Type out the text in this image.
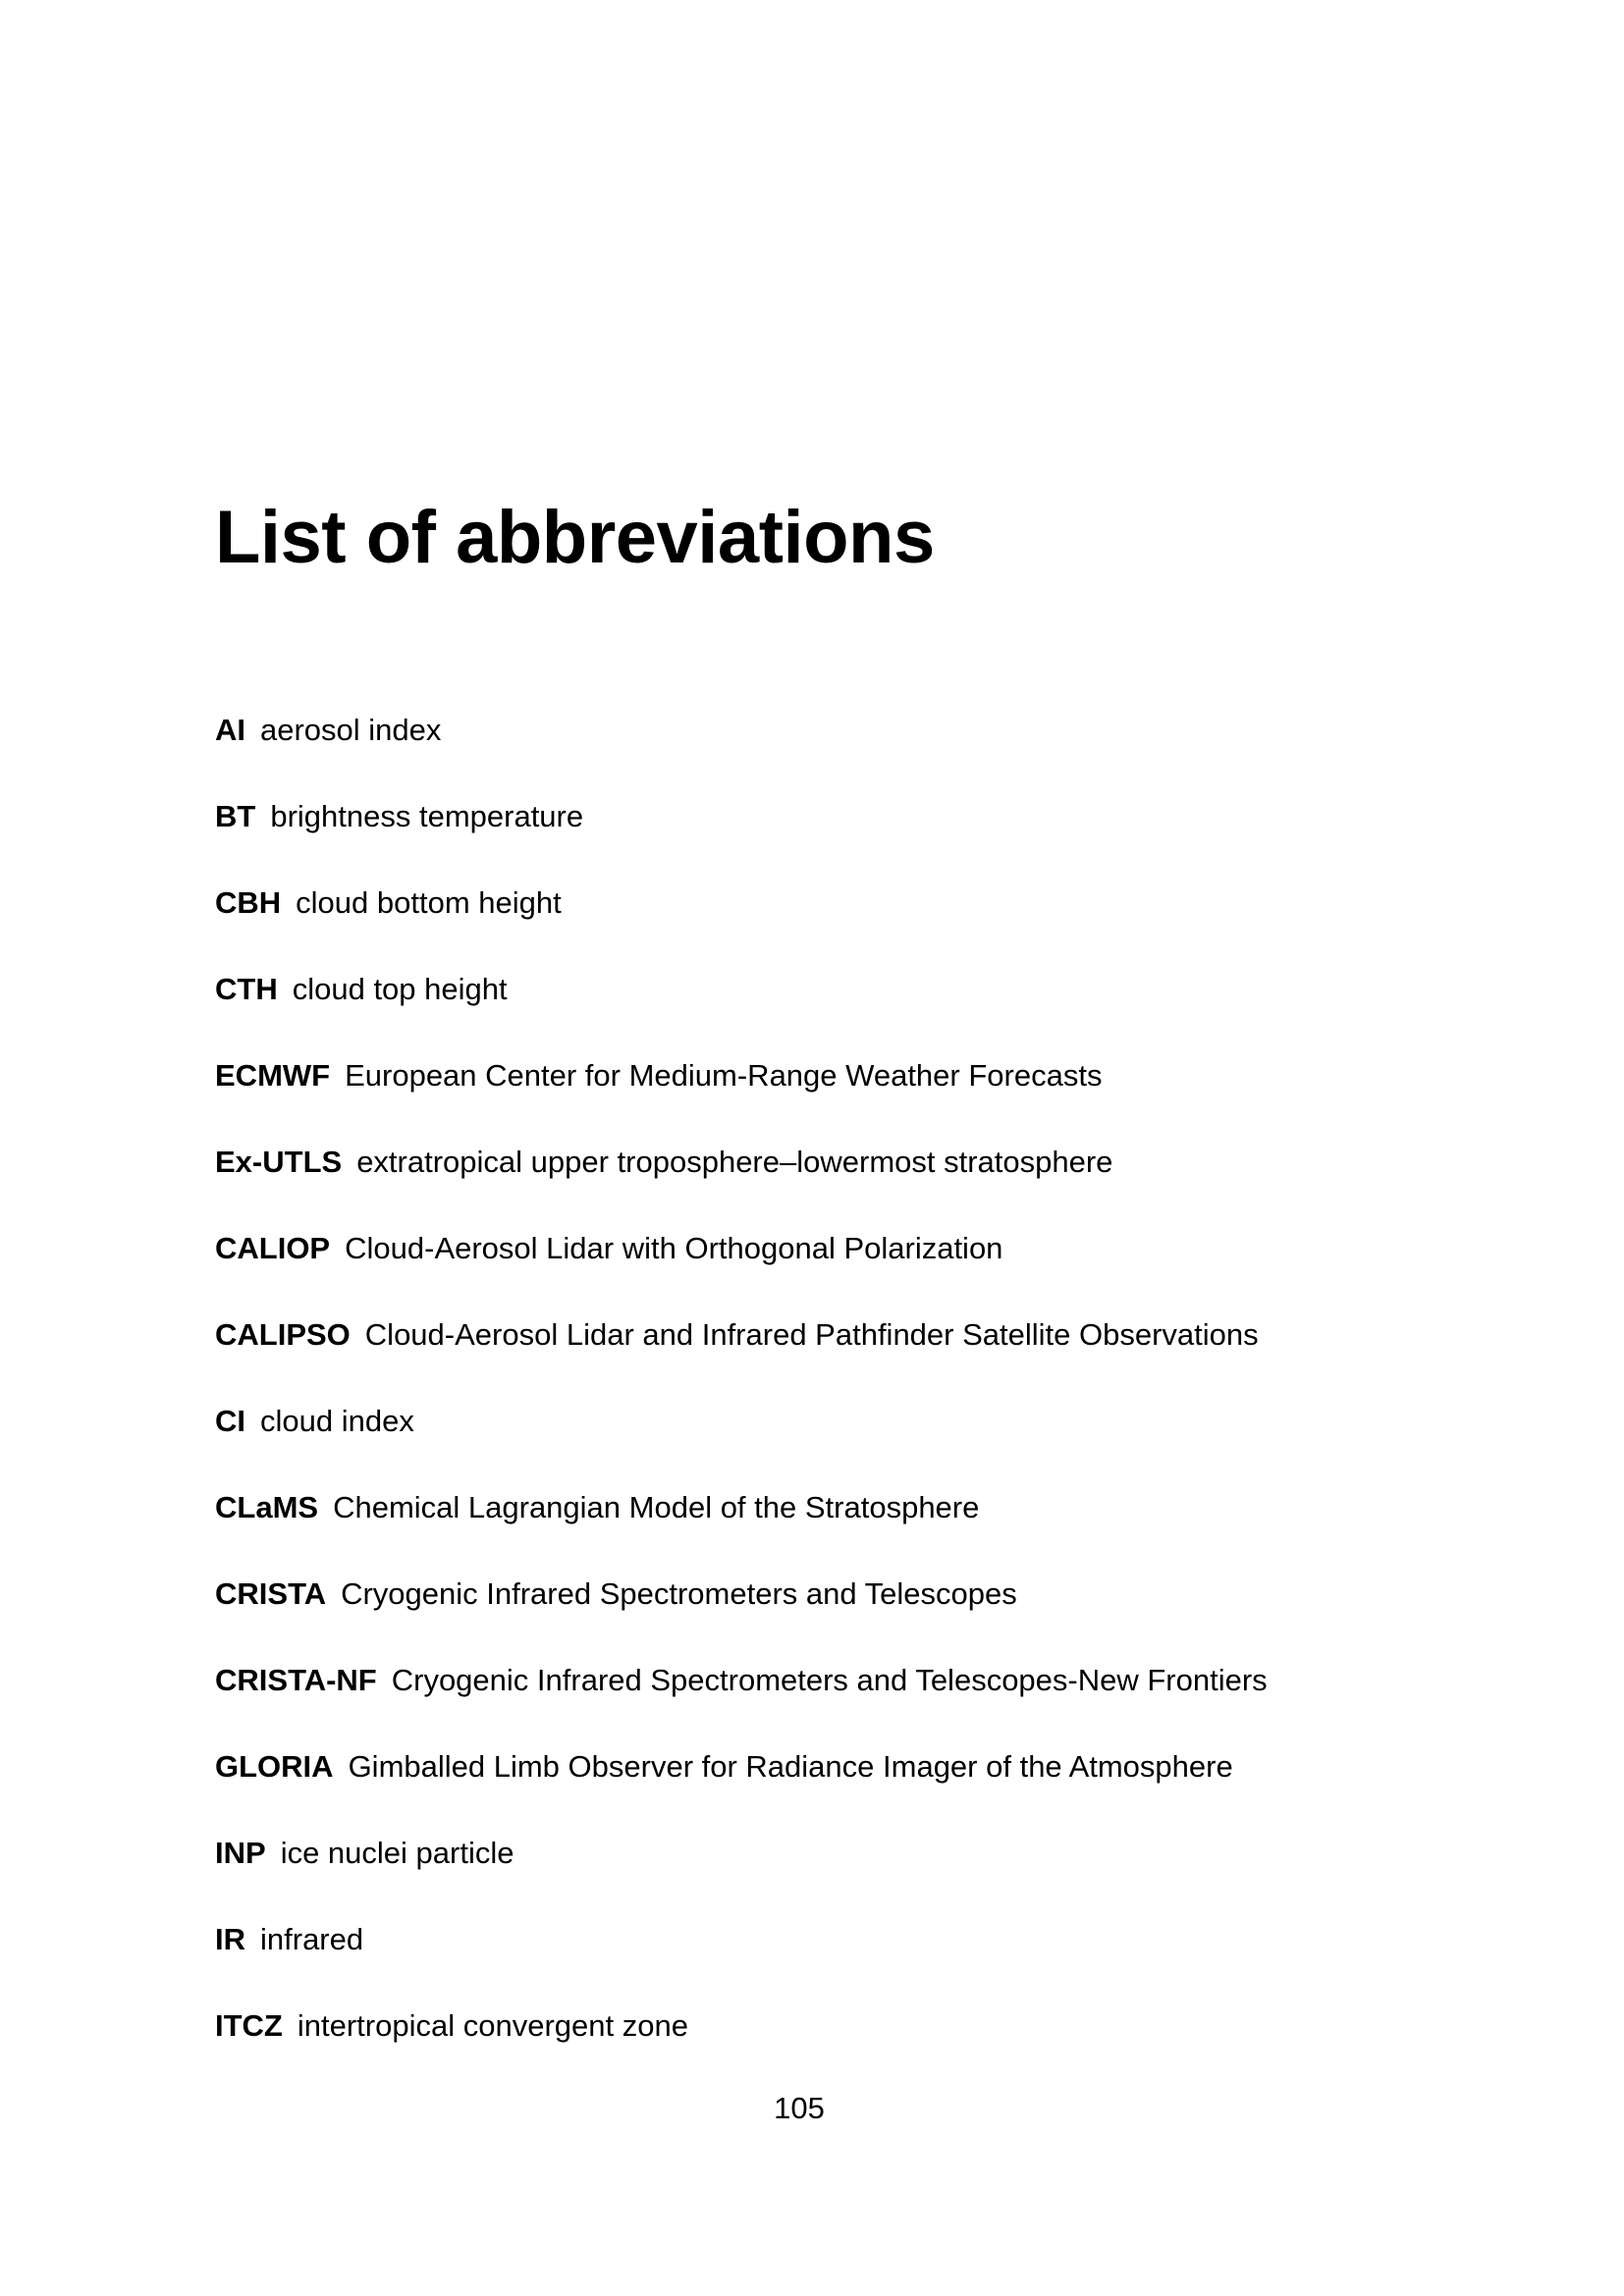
List of abbreviations
AI aerosol index
BT brightness temperature
CBH cloud bottom height
CTH cloud top height
ECMWF European Center for Medium-Range Weather Forecasts
Ex-UTLS extratropical upper troposphere–lowermost stratosphere
CALIOP Cloud-Aerosol Lidar with Orthogonal Polarization
CALIPSO Cloud-Aerosol Lidar and Infrared Pathfinder Satellite Observations
CI cloud index
CLaMS Chemical Lagrangian Model of the Stratosphere
CRISTA Cryogenic Infrared Spectrometers and Telescopes
CRISTA-NF Cryogenic Infrared Spectrometers and Telescopes-New Frontiers
GLORIA Gimballed Limb Observer for Radiance Imager of the Atmosphere
INP ice nuclei particle
IR infrared
ITCZ intertropical convergent zone
105
